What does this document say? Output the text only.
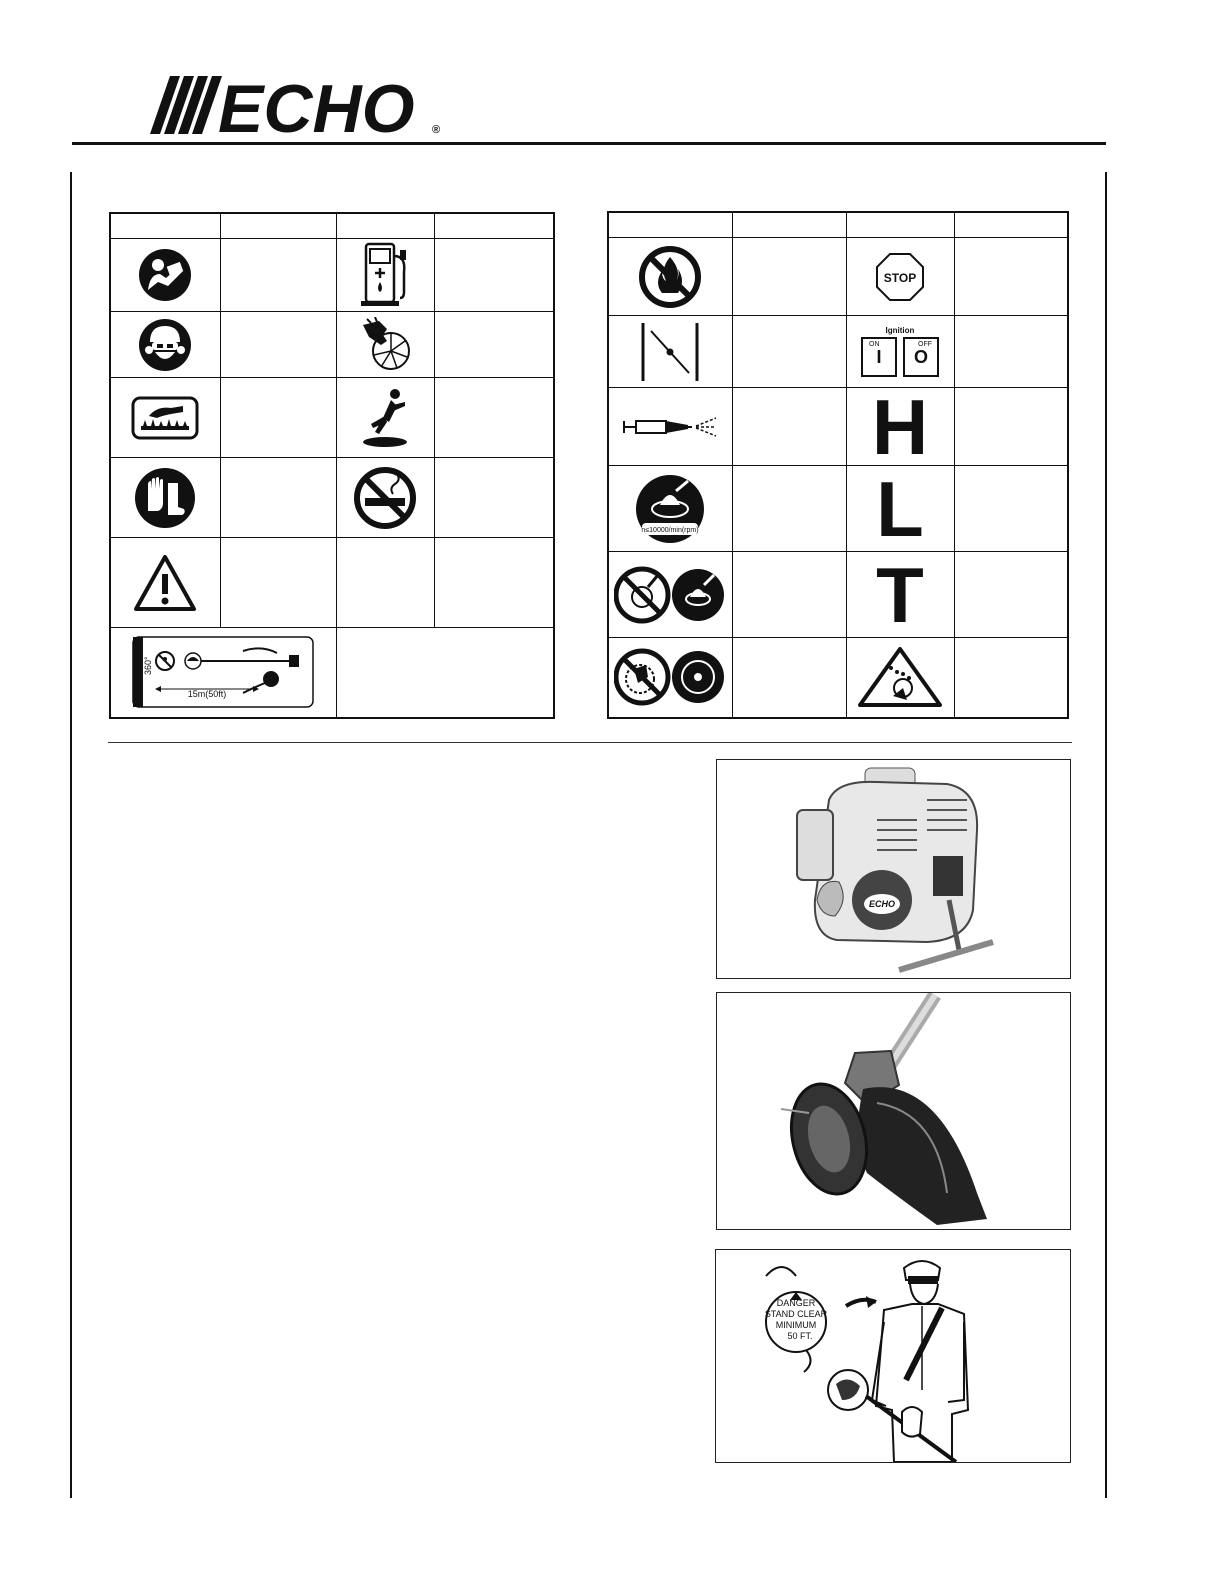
ECHO ®

15m(50ft)
360°			

STOP	

Ignition
ON
I
OFF
O	

H	

n≤10000/min(rpm)		L	

T	

ECHO
DANGER
STAND CLEAR
MINIMUM
50 FT.
